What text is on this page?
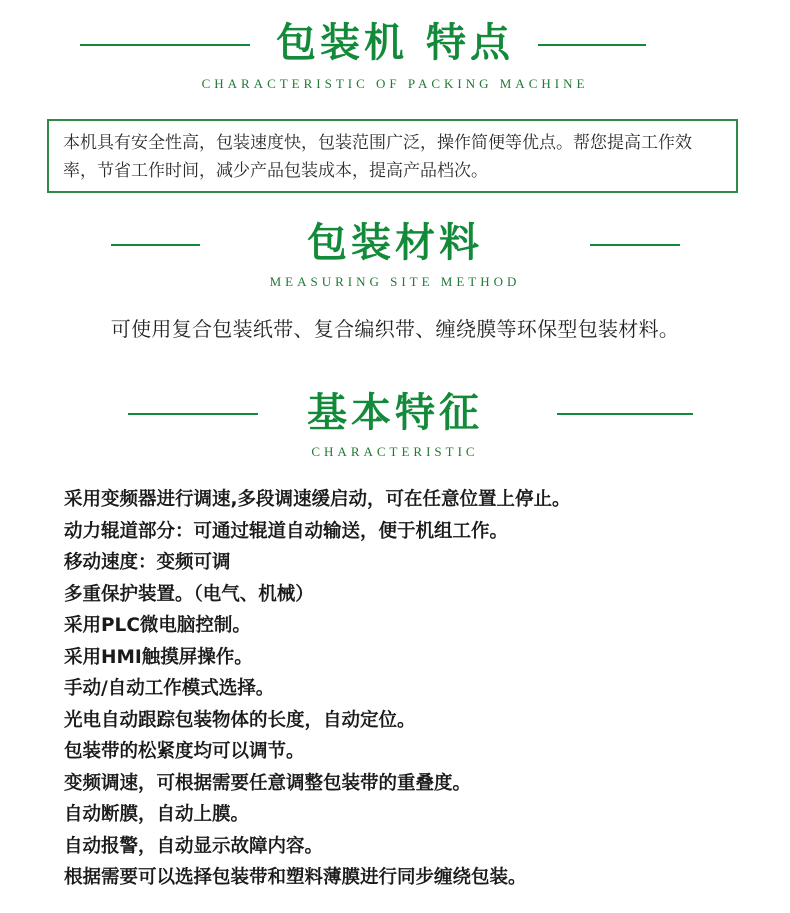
包装机 特点
CHARACTERISTIC OF PACKING MACHINE
本机具有安全性高，包装速度快，包装范围广泛，操作简便等优点。帮您提高工作效率，节省工作时间，减少产品包装成本，提高产品档次。
包装材料
MEASURING SITE METHOD
可使用复合包装纸带、复合编织带、缠绕膜等环保型包装材料。
基本特征
CHARACTERISTIC
采用变频器进行调速,多段调速缓启动，可在任意位置上停止。
动力辊道部分：可通过辊道自动输送，便于机组工作。
移动速度：变频可调
多重保护装置。（电气、机械）
采用PLC微电脑控制。
采用HMI触摸屏操作。
手动/自动工作模式选择。
光电自动跟踪包装物体的长度，自动定位。
包装带的松紧度均可以调节。
变频调速，可根据需要任意调整包装带的重叠度。
自动断膜，自动上膜。
自动报警，自动显示故障内容。
根据需要可以选择包装带和塑料薄膜进行同步缠绕包装。
